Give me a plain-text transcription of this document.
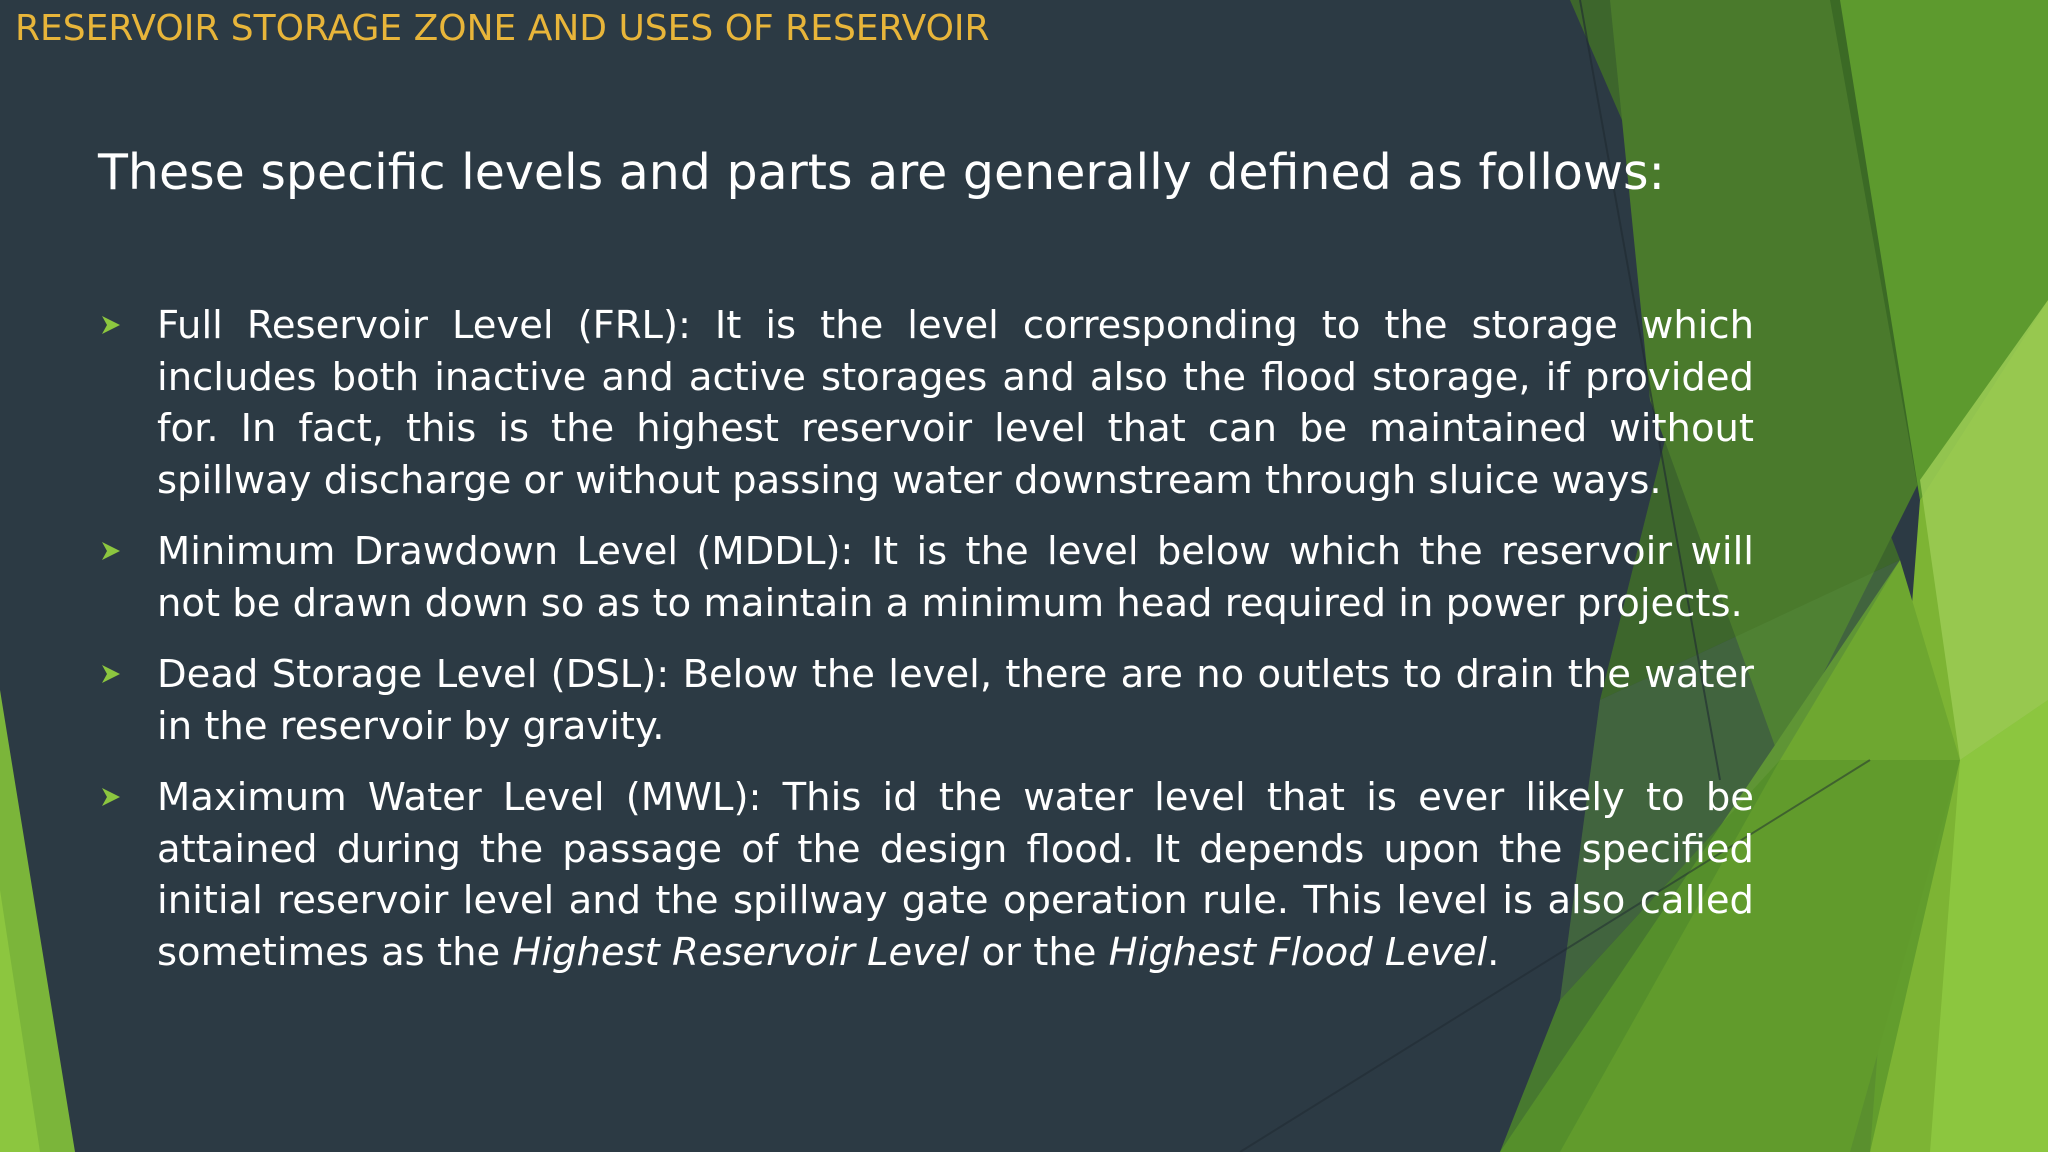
RESERVOIR STORAGE ZONE AND USES OF RESERVOIR
These specific levels and parts are generally defined as follows:
Full Reservoir Level (FRL): It is the level corresponding to the storage which includes both inactive and active storages and also the flood storage, if provided for. In fact, this is the highest reservoir level that can be maintained without spillway discharge or without passing water downstream through sluice ways.
Minimum Drawdown Level (MDDL): It is the level below which the reservoir will not be drawn down so as to maintain a minimum head required in power projects.
Dead Storage Level (DSL): Below the level, there are no outlets to drain the water in the reservoir by gravity.
Maximum Water Level (MWL): This id the water level that is ever likely to be attained during the passage of the design flood. It depends upon the specified initial reservoir level and the spillway gate operation rule. This level is also called sometimes as the Highest Reservoir Level or the Highest Flood Level.
